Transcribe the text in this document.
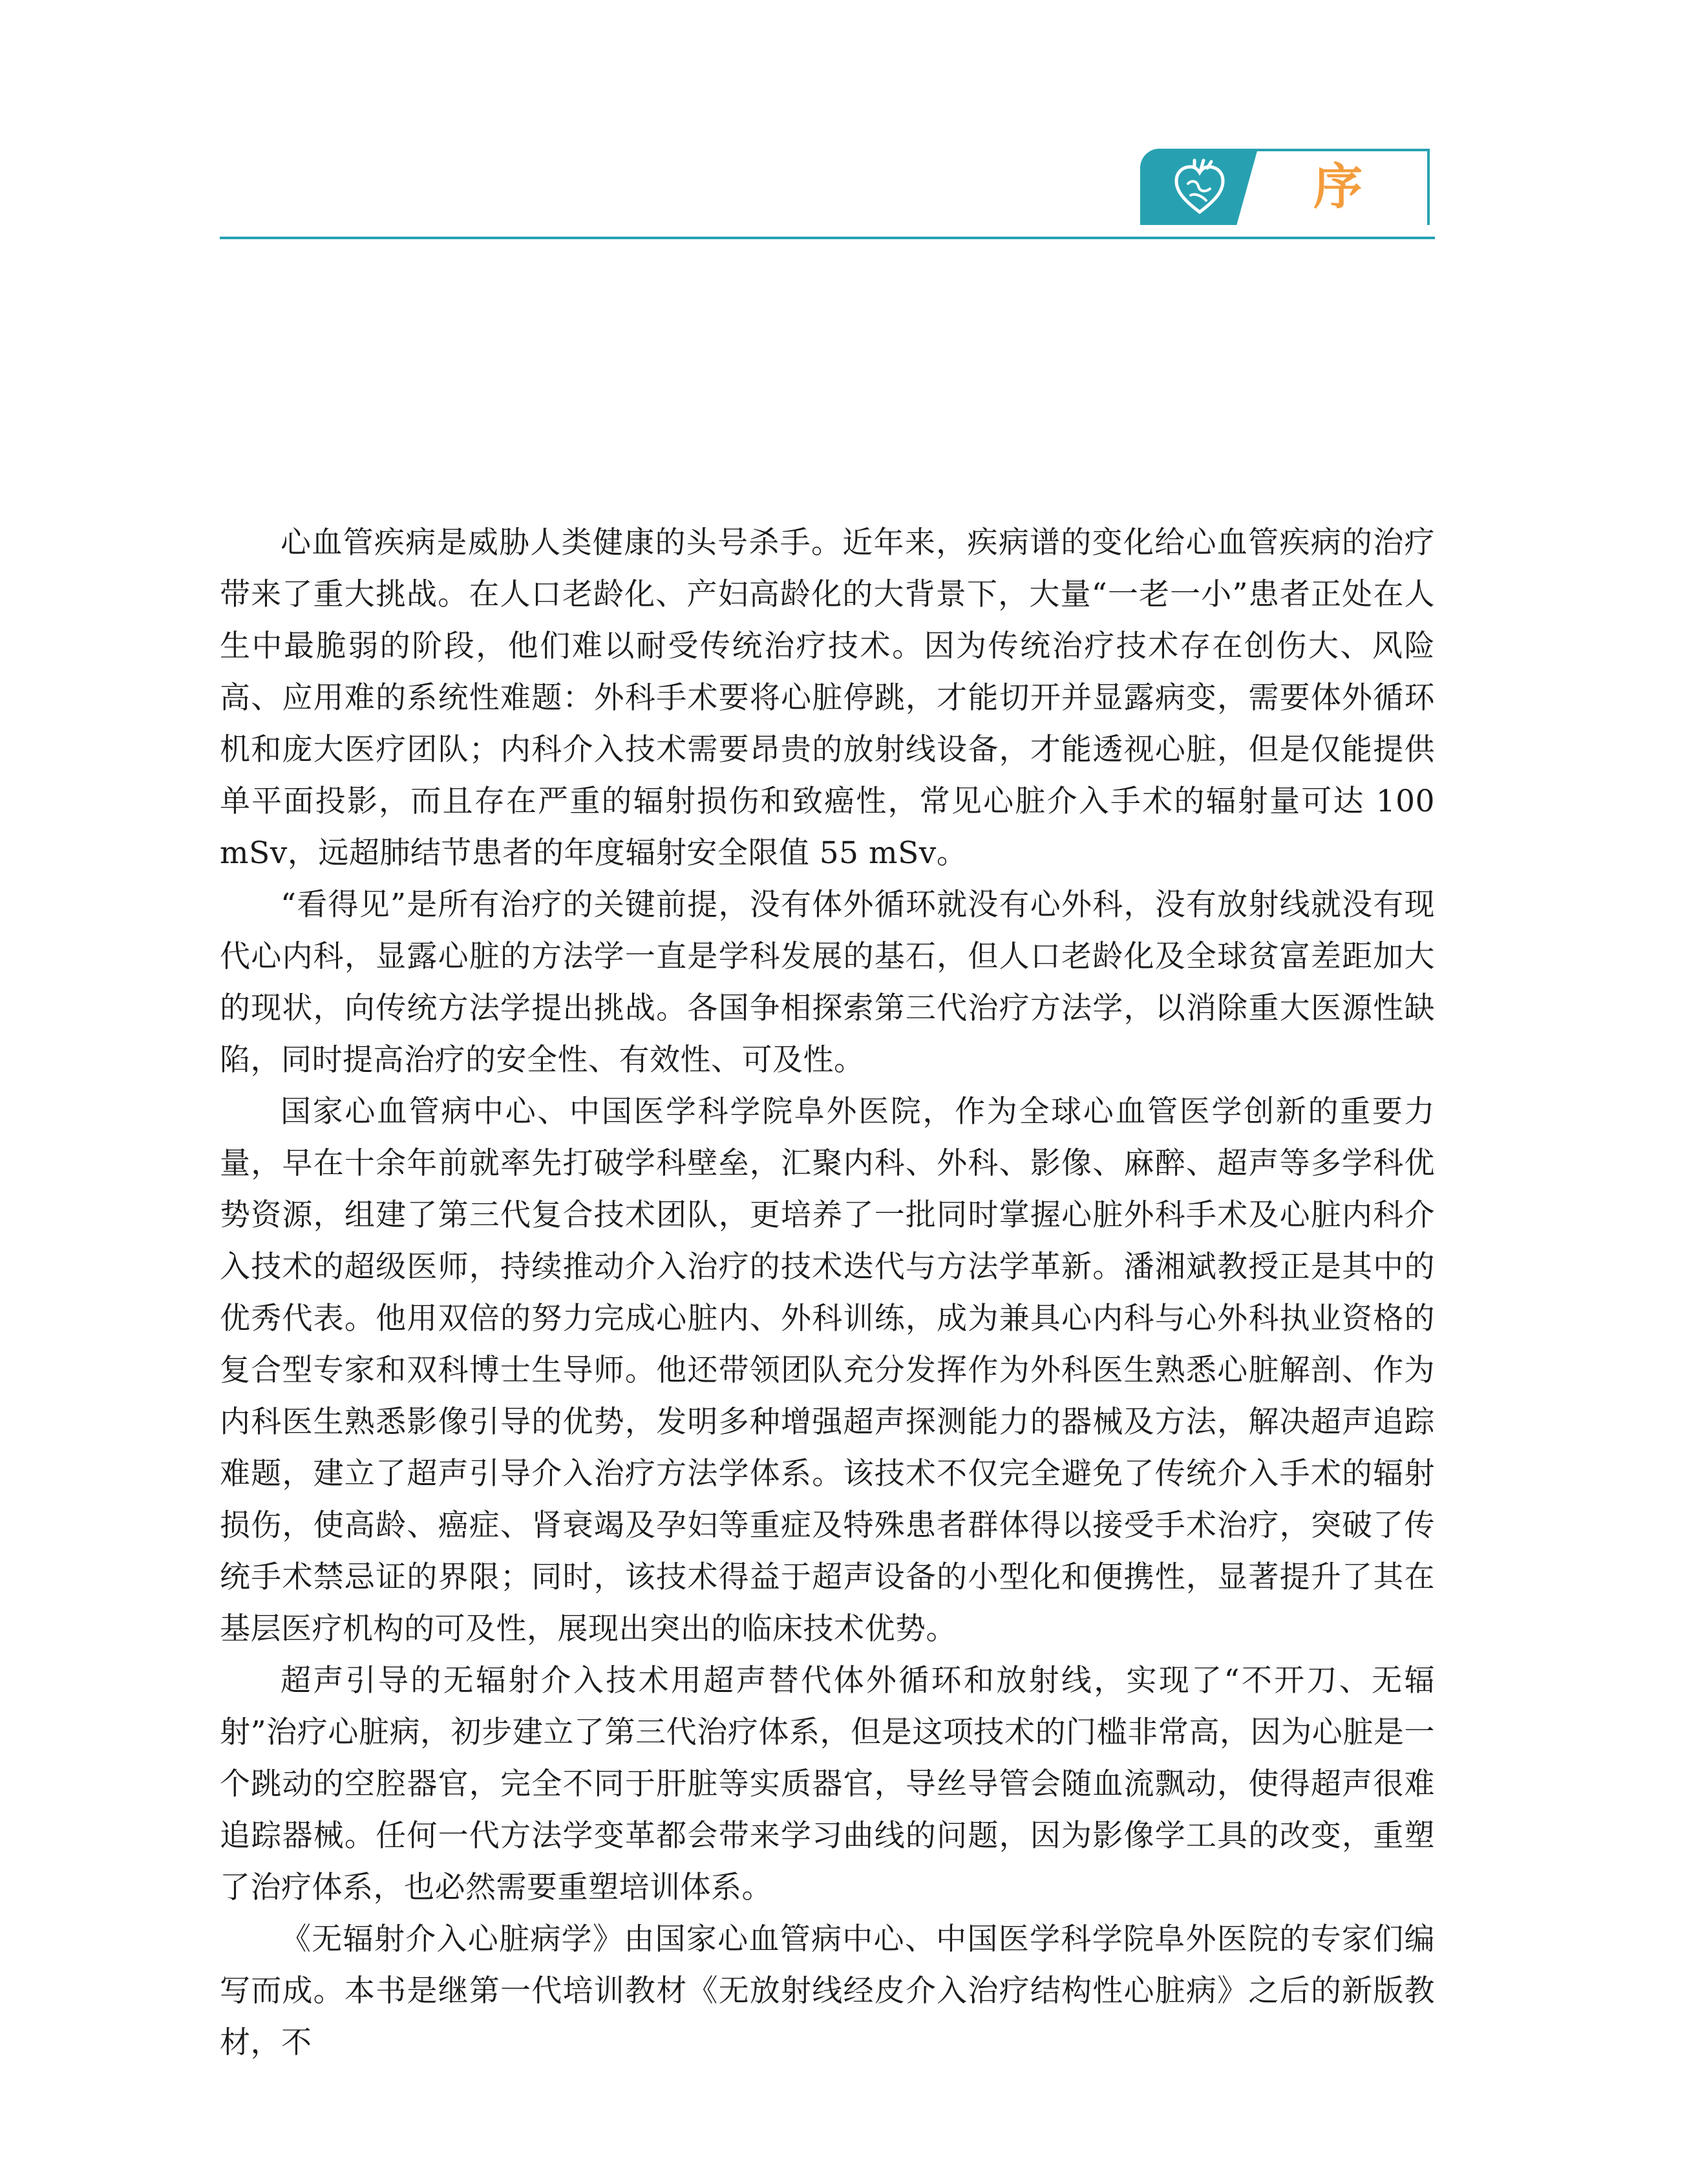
序

心血管疾病是威胁人类健康的头号杀手。近年来，疾病谱的变化给心血管疾病的治疗带来了重大挑战。在人口老龄化、产妇高龄化的大背景下，大量“一老一小”患者正处在人生中最脆弱的阶段，他们难以耐受传统治疗技术。因为传统治疗技术存在创伤大、风险高、应用难的系统性难题：外科手术要将心脏停跳，才能切开并显露病变，需要体外循环机和庞大医疗团队；内科介入技术需要昂贵的放射线设备，才能透视心脏，但是仅能提供单平面投影，而且存在严重的辐射损伤和致癌性，常见心脏介入手术的辐射量可达 100 mSv，远超肺结节患者的年度辐射安全限值 55 mSv。

“看得见”是所有治疗的关键前提，没有体外循环就没有心外科，没有放射线就没有现代心内科，显露心脏的方法学一直是学科发展的基石，但人口老龄化及全球贫富差距加大的现状，向传统方法学提出挑战。各国争相探索第三代治疗方法学，以消除重大医源性缺陷，同时提高治疗的安全性、有效性、可及性。

国家心血管病中心、中国医学科学院阜外医院，作为全球心血管医学创新的重要力量，早在十余年前就率先打破学科壁垒，汇聚内科、外科、影像、麻醉、超声等多学科优势资源，组建了第三代复合技术团队，更培养了一批同时掌握心脏外科手术及心脏内科介入技术的超级医师，持续推动介入治疗的技术迭代与方法学革新。潘湘斌教授正是其中的优秀代表。他用双倍的努力完成心脏内、外科训练，成为兼具心内科与心外科执业资格的复合型专家和双科博士生导师。他还带领团队充分发挥作为外科医生熟悉心脏解剖、作为内科医生熟悉影像引导的优势，发明多种增强超声探测能力的器械及方法，解决超声追踪难题，建立了超声引导介入治疗方法学体系。该技术不仅完全避免了传统介入手术的辐射损伤，使高龄、癌症、肾衰竭及孕妇等重症及特殊患者群体得以接受手术治疗，突破了传统手术禁忌证的界限；同时，该技术得益于超声设备的小型化和便携性，显著提升了其在基层医疗机构的可及性，展现出突出的临床技术优势。

超声引导的无辐射介入技术用超声替代体外循环和放射线，实现了“不开刀、无辐射”治疗心脏病，初步建立了第三代治疗体系，但是这项技术的门槛非常高，因为心脏是一个跳动的空腔器官，完全不同于肝脏等实质器官，导丝导管会随血流飘动，使得超声很难追踪器械。任何一代方法学变革都会带来学习曲线的问题，因为影像学工具的改变，重塑了治疗体系，也必然需要重塑培训体系。

《无辐射介入心脏病学》由国家心血管病中心、中国医学科学院阜外医院的专家们编写而成。本书是继第一代培训教材《无放射线经皮介入治疗结构性心脏病》之后的新版教材，不
